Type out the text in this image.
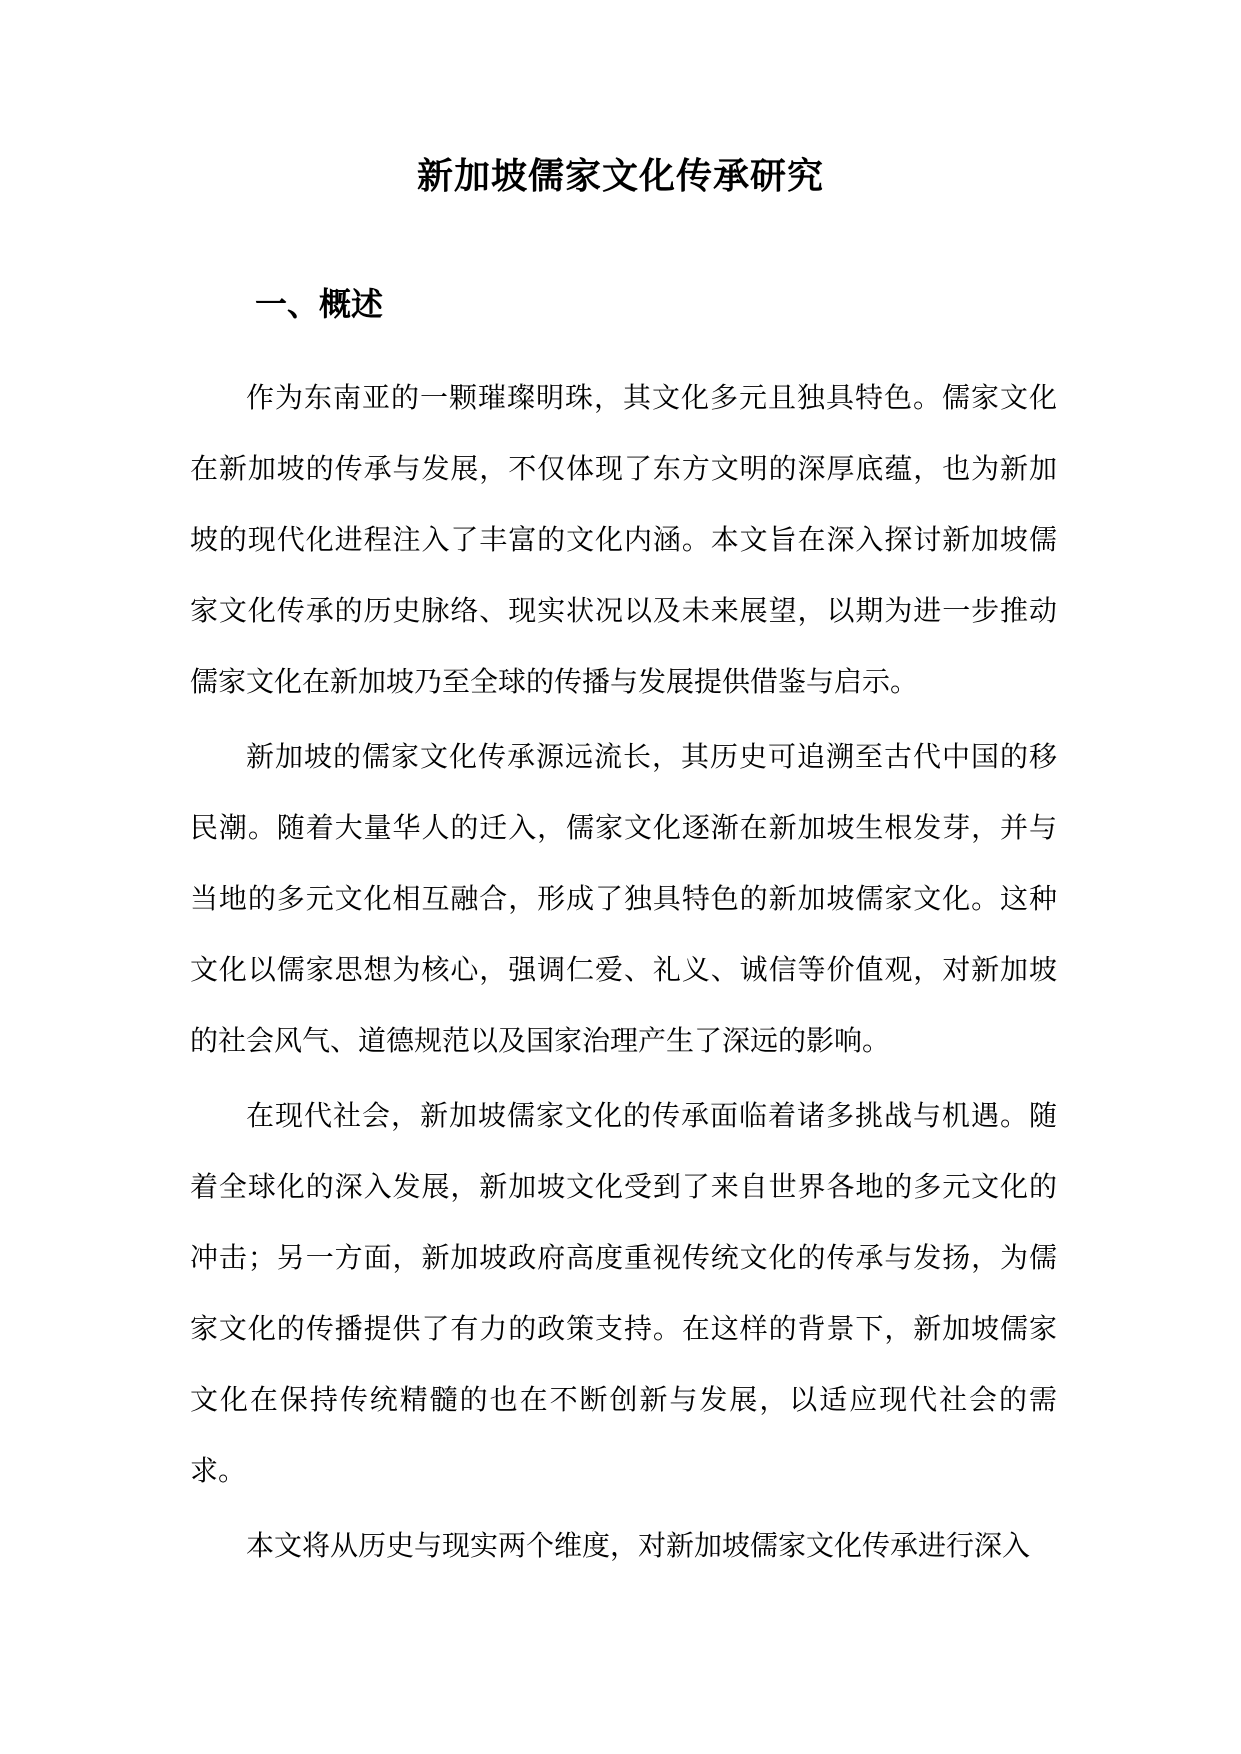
新加坡儒家文化传承研究
一、概述

作为东南亚的一颗璀璨明珠，其文化多元且独具特色。儒家文化在新加坡的传承与发展，不仅体现了东方文明的深厚底蕴，也为新加坡的现代化进程注入了丰富的文化内涵。本文旨在深入探讨新加坡儒家文化传承的历史脉络、现实状况以及未来展望，以期为进一步推动儒家文化在新加坡乃至全球的传播与发展提供借鉴与启示。

新加坡的儒家文化传承源远流长，其历史可追溯至古代中国的移民潮。随着大量华人的迁入，儒家文化逐渐在新加坡生根发芽，并与当地的多元文化相互融合，形成了独具特色的新加坡儒家文化。这种文化以儒家思想为核心，强调仁爱、礼义、诚信等价值观，对新加坡的社会风气、道德规范以及国家治理产生了深远的影响。

在现代社会，新加坡儒家文化的传承面临着诸多挑战与机遇。随着全球化的深入发展，新加坡文化受到了来自世界各地的多元文化的冲击；另一方面，新加坡政府高度重视传统文化的传承与发扬，为儒家文化的传播提供了有力的政策支持。在这样的背景下，新加坡儒家文化在保持传统精髓的也在不断创新与发展，以适应现代社会的需求。

本文将从历史与现实两个维度，对新加坡儒家文化传承进行深入
